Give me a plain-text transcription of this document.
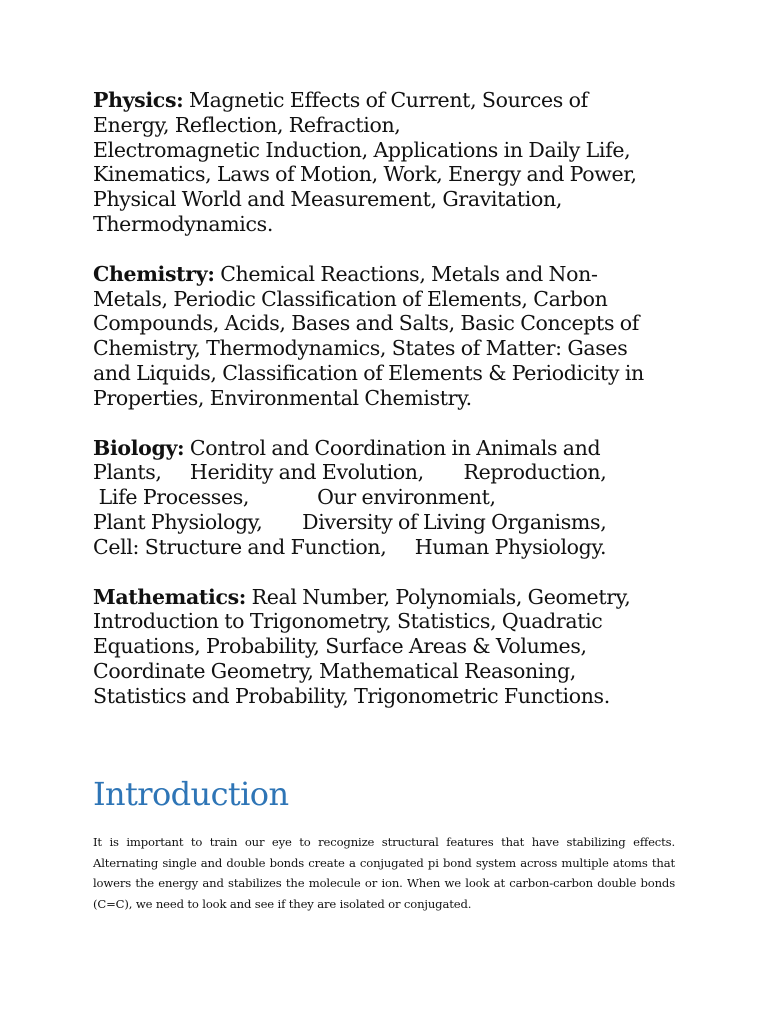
Physics: Magnetic Effects of Current, Sources of
Energy, Reflection, Refraction,
Electromagnetic Induction, Applications in Daily Life,
Kinematics, Laws of Motion, Work, Energy and Power,
Physical World and Measurement, Gravitation,
Thermodynamics.

Chemistry: Chemical Reactions, Metals and Non-
Metals, Periodic Classification of Elements, Carbon
Compounds, Acids, Bases and Salts, Basic Concepts of
Chemistry, Thermodynamics, States of Matter: Gases
and Liquids, Classification of Elements & Periodicity in
Properties, Environmental Chemistry.

Biology: Control and Coordination in Animals and
Plants,     Heridity and Evolution,       Reproduction,
Life Processes,            Our environment,
Plant Physiology,       Diversity of Living Organisms,
Cell: Structure and Function,     Human Physiology.

Mathematics: Real Number, Polynomials, Geometry,
Introduction to Trigonometry, Statistics, Quadratic
Equations, Probability, Surface Areas & Volumes,
Coordinate Geometry, Mathematical Reasoning,
Statistics and Probability, Trigonometric Functions.

Introduction

It is important to train our eye to recognize structural features that have stabilizing effects. Alternating single and double bonds create a conjugated pi bond system across multiple atoms that lowers the energy and stabilizes the molecule or ion. When we look at carbon-carbon double bonds (C=C), we need to look and see if they are isolated or conjugated.
